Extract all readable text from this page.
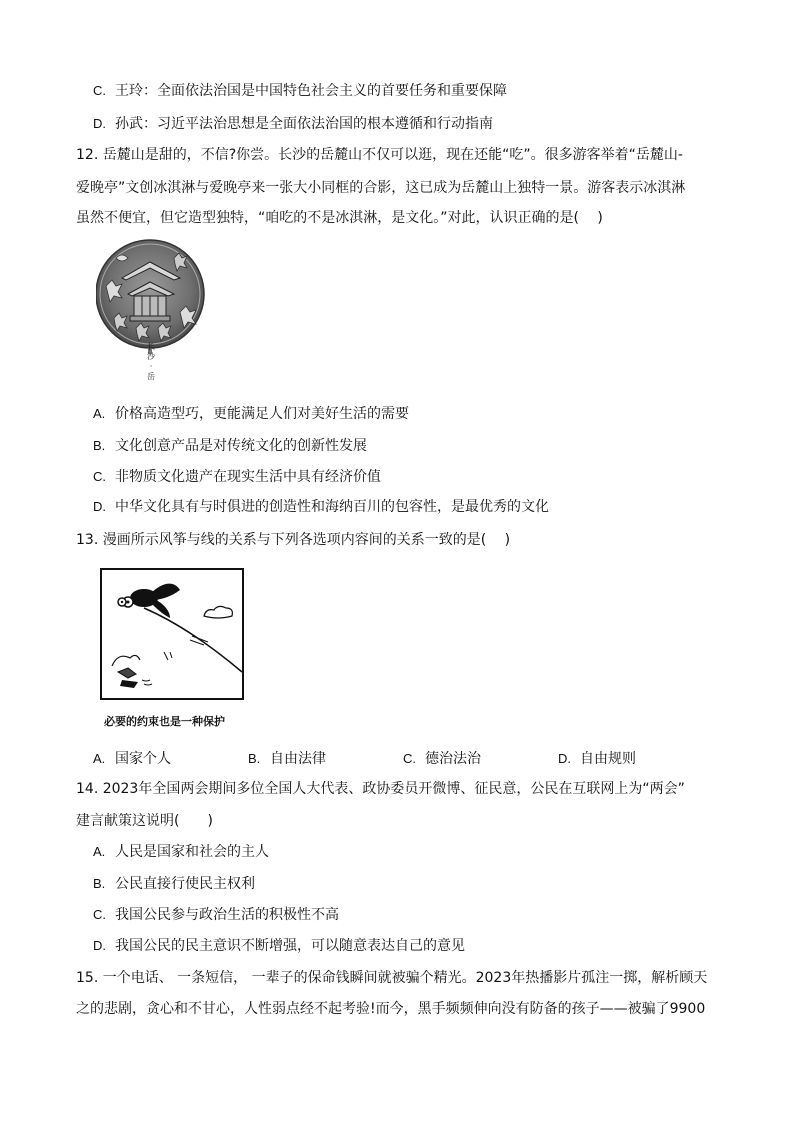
C. 王玲：全面依法治国是中国特色社会主义的首要任务和重要保障
D. 孙武：习近平法治思想是全面依法治国的根本遵循和行动指南
12. 岳麓山是甜的，不信?你尝。长沙的岳麓山不仅可以逛，现在还能“吃”。很多游客举着“岳麓山-
爱晚亭”文创冰淇淋与爱晚亭来一张大小同框的合影，这已成为岳麓山上独特一景。游客表示冰淇淋
虽然不便宜，但它造型独特，“咱吃的不是冰淇淋，是文化。”对此，认识正确的是(　 )
长沙·岳
A. 价格高造型巧，更能满足人们对美好生活的需要
B. 文化创意产品是对传统文化的创新性发展
C. 非物质文化遗产在现实生活中具有经济价值
D. 中华文化具有与时俱进的创造性和海纳百川的包容性，是最优秀的文化
13. 漫画所示风筝与线的关系与下列各选项内容间的关系一致的是(　 )
必要的约束也是一种保护
A. 国家个人	B. 自由法律	C. 德治法治	D. 自由规则
14. 2023年全国两会期间多位全国人大代表、政协委员开微博、征民意，公民在互联网上为“两会”
建言献策这说明(　　)
A. 人民是国家和社会的主人
B. 公民直接行使民主权利
C. 我国公民参与政治生活的积极性不高
D. 我国公民的民主意识不断增强，可以随意表达自己的意见
15. 一个电话、 一条短信， 一辈子的保命钱瞬间就被骗个精光。2023年热播影片孤注一掷，解析顾天
之的悲剧，贪心和不甘心，人性弱点经不起考验!而今，黑手频频伸向没有防备的孩子——被骗了9900
